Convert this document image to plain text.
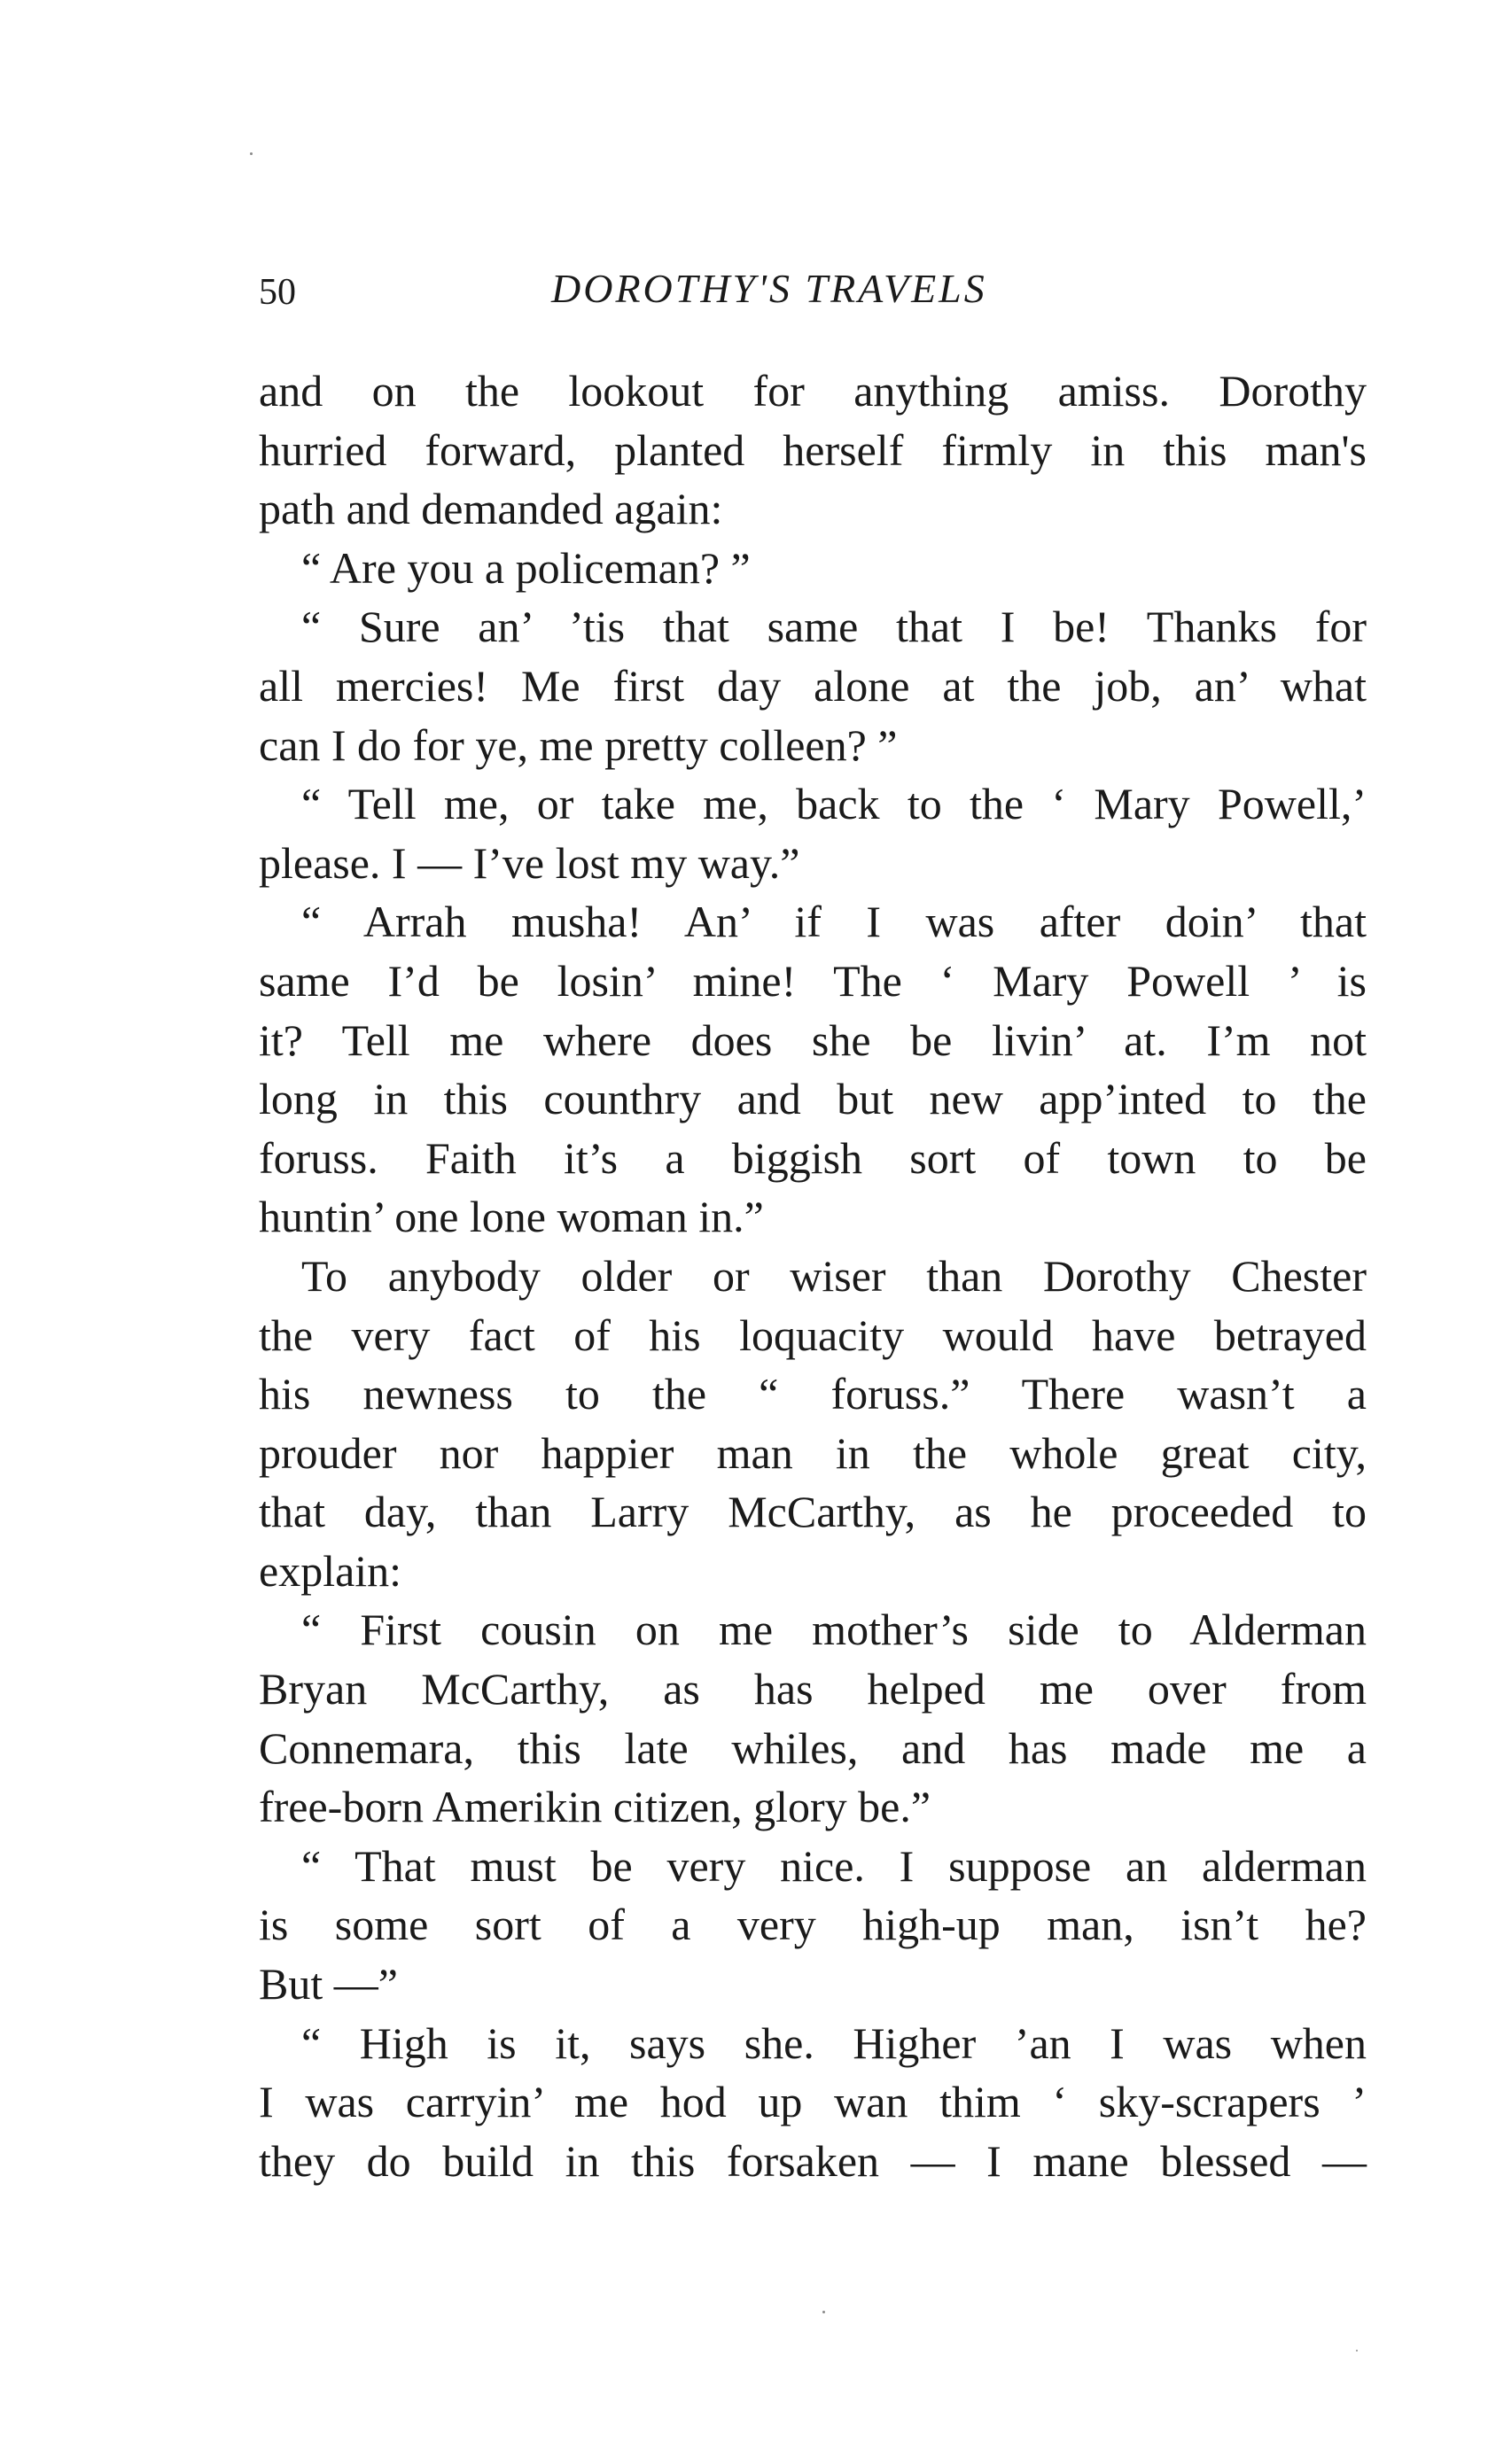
50	DOROTHY'S TRAVELS
and on the lookout for anything amiss. Dorothy
hurried forward, planted herself firmly in this man's
path and demanded again:
“ Are you a policeman? ”
“ Sure an’ ’tis that same that I be! Thanks for
all mercies! Me first day alone at the job, an’ what
can I do for ye, me pretty colleen? ”
“ Tell me, or take me, back to the ‘ Mary Powell,’
please. I — I’ve lost my way.”
“ Arrah musha! An’ if I was after doin’ that
same I’d be losin’ mine! The ‘ Mary Powell ’ is
it? Tell me where does she be livin’ at. I’m not
long in this counthry and but new app’inted to the
foruss. Faith it’s a biggish sort of town to be
huntin’ one lone woman in.”
To anybody older or wiser than Dorothy Chester
the very fact of his loquacity would have betrayed
his newness to the “ foruss.” There wasn’t a
prouder nor happier man in the whole great city,
that day, than Larry McCarthy, as he proceeded to
explain:
“ First cousin on me mother’s side to Alderman
Bryan McCarthy, as has helped me over from
Connemara, this late whiles, and has made me a
free-born Amerikin citizen, glory be.”
“ That must be very nice. I suppose an alderman
is some sort of a very high-up man, isn’t he?
But —”
“ High is it, says she. Higher ’an I was when
I was carryin’ me hod up wan thim ‘ sky-scrapers ’
they do build in this forsaken — I mane blessed —
